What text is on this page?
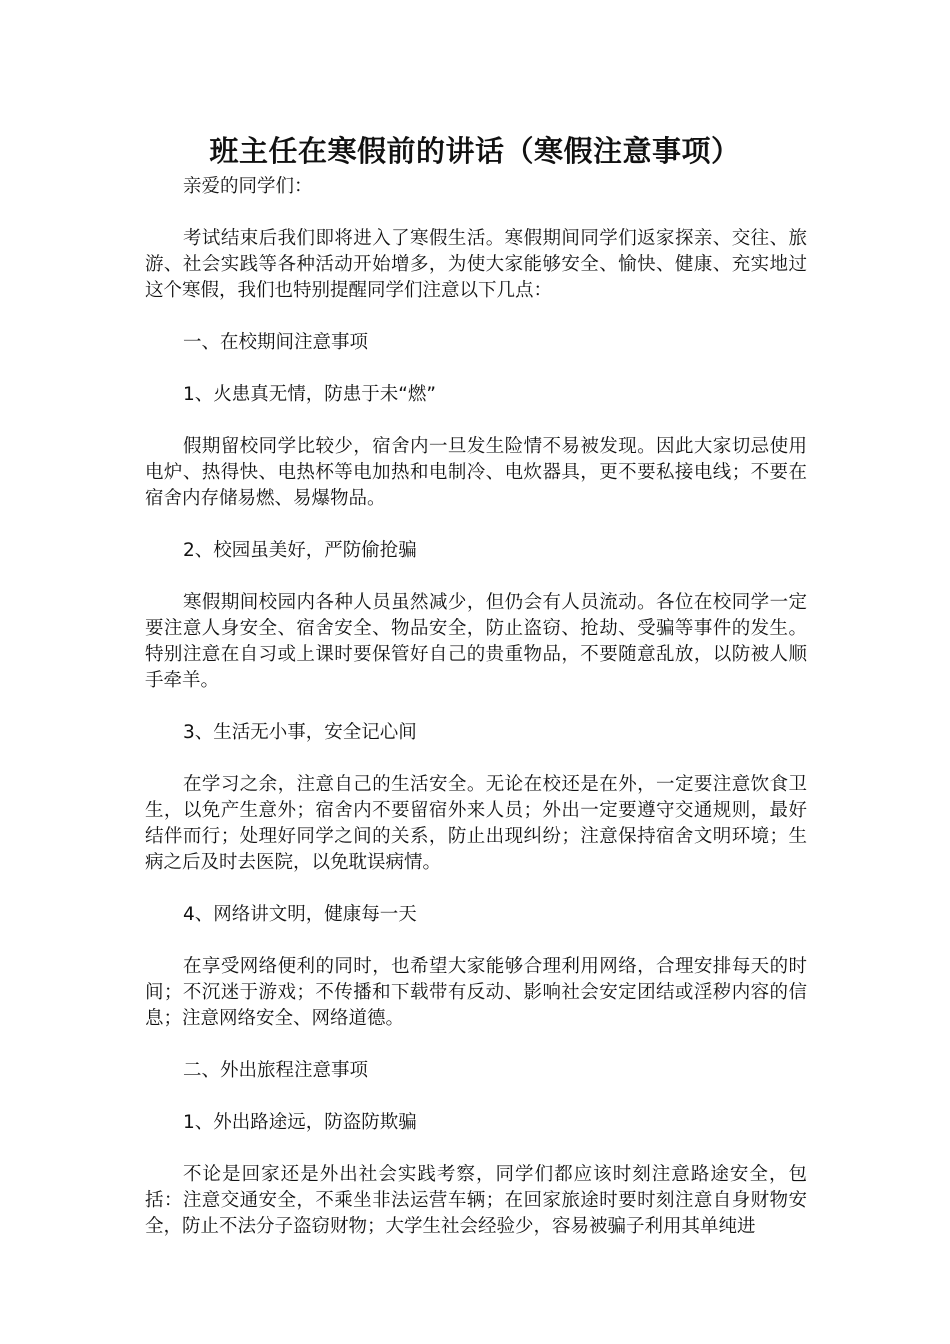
班主任在寒假前的讲话（寒假注意事项）

亲爱的同学们：

考试结束后我们即将进入了寒假生活。寒假期间同学们返家探亲、交往、旅游、社会实践等各种活动开始增多，为使大家能够安全、愉快、健康、充实地过这个寒假，我们也特别提醒同学们注意以下几点：

一、在校期间注意事项

1、火患真无情，防患于未“燃”

假期留校同学比较少，宿舍内一旦发生险情不易被发现。因此大家切忌使用电炉、热得快、电热杯等电加热和电制冷、电炊器具，更不要私接电线；不要在宿舍内存储易燃、易爆物品。

2、校园虽美好，严防偷抢骗

寒假期间校园内各种人员虽然减少，但仍会有人员流动。各位在校同学一定要注意人身安全、宿舍安全、物品安全，防止盗窃、抢劫、受骗等事件的发生。特别注意在自习或上课时要保管好自己的贵重物品，不要随意乱放，以防被人顺手牵羊。

3、生活无小事，安全记心间

在学习之余，注意自己的生活安全。无论在校还是在外，一定要注意饮食卫生，以免产生意外；宿舍内不要留宿外来人员；外出一定要遵守交通规则，最好结伴而行；处理好同学之间的关系，防止出现纠纷；注意保持宿舍文明环境；生病之后及时去医院，以免耽误病情。

4、网络讲文明，健康每一天

在享受网络便利的同时，也希望大家能够合理利用网络，合理安排每天的时间；不沉迷于游戏；不传播和下载带有反动、影响社会安定团结或淫秽内容的信息；注意网络安全、网络道德。

二、外出旅程注意事项

1、外出路途远，防盗防欺骗

不论是回家还是外出社会实践考察，同学们都应该时刻注意路途安全，包括：注意交通安全，不乘坐非法运营车辆；在回家旅途时要时刻注意自身财物安全，防止不法分子盗窃财物；大学生社会经验少，容易被骗子利用其单纯进
